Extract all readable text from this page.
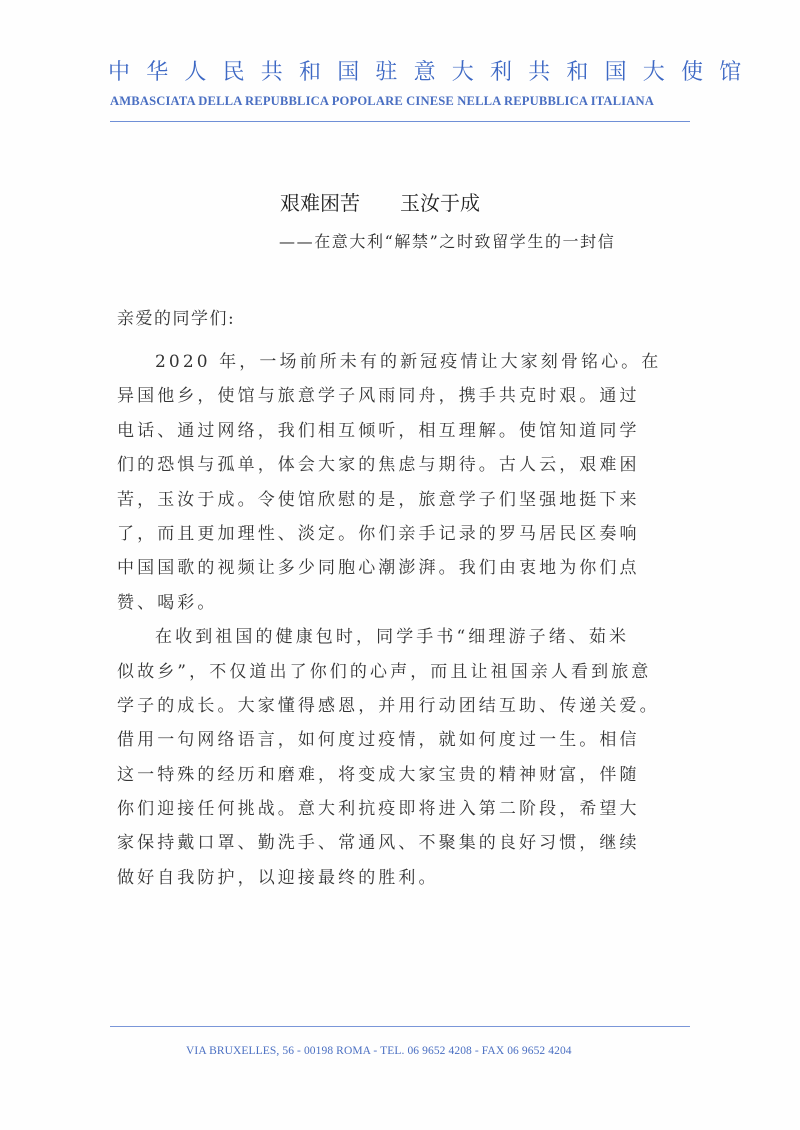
中华人民共和国驻意大利共和国大使馆
AMBASCIATA DELLA REPUBBLICA POPOLARE CINESE NELLA REPUBBLICA ITALIANA
艰难困苦　　玉汝于成
——在意大利“解禁”之时致留学生的一封信
亲爱的同学们:
2020 年，一场前所未有的新冠疫情让大家刻骨铭心。在
异国他乡，使馆与旅意学子风雨同舟，携手共克时艰。通过
电话、通过网络，我们相互倾听，相互理解。使馆知道同学
们的恐惧与孤单，体会大家的焦虑与期待。古人云，艰难困
苦，玉汝于成。令使馆欣慰的是，旅意学子们坚强地挺下来
了，而且更加理性、淡定。你们亲手记录的罗马居民区奏响
中国国歌的视频让多少同胞心潮澎湃。我们由衷地为你们点
赞、喝彩。
在收到祖国的健康包时，同学手书“细理游子绪、茹米
似故乡”，不仅道出了你们的心声，而且让祖国亲人看到旅意
学子的成长。大家懂得感恩，并用行动团结互助、传递关爱。
借用一句网络语言，如何度过疫情，就如何度过一生。相信
这一特殊的经历和磨难，将变成大家宝贵的精神财富，伴随
你们迎接任何挑战。意大利抗疫即将进入第二阶段，希望大
家保持戴口罩、勤洗手、常通风、不聚集的良好习惯，继续
做好自我防护，以迎接最终的胜利。
VIA BRUXELLES, 56 - 00198 ROMA - TEL. 06 9652 4208 - FAX 06 9652 4204
